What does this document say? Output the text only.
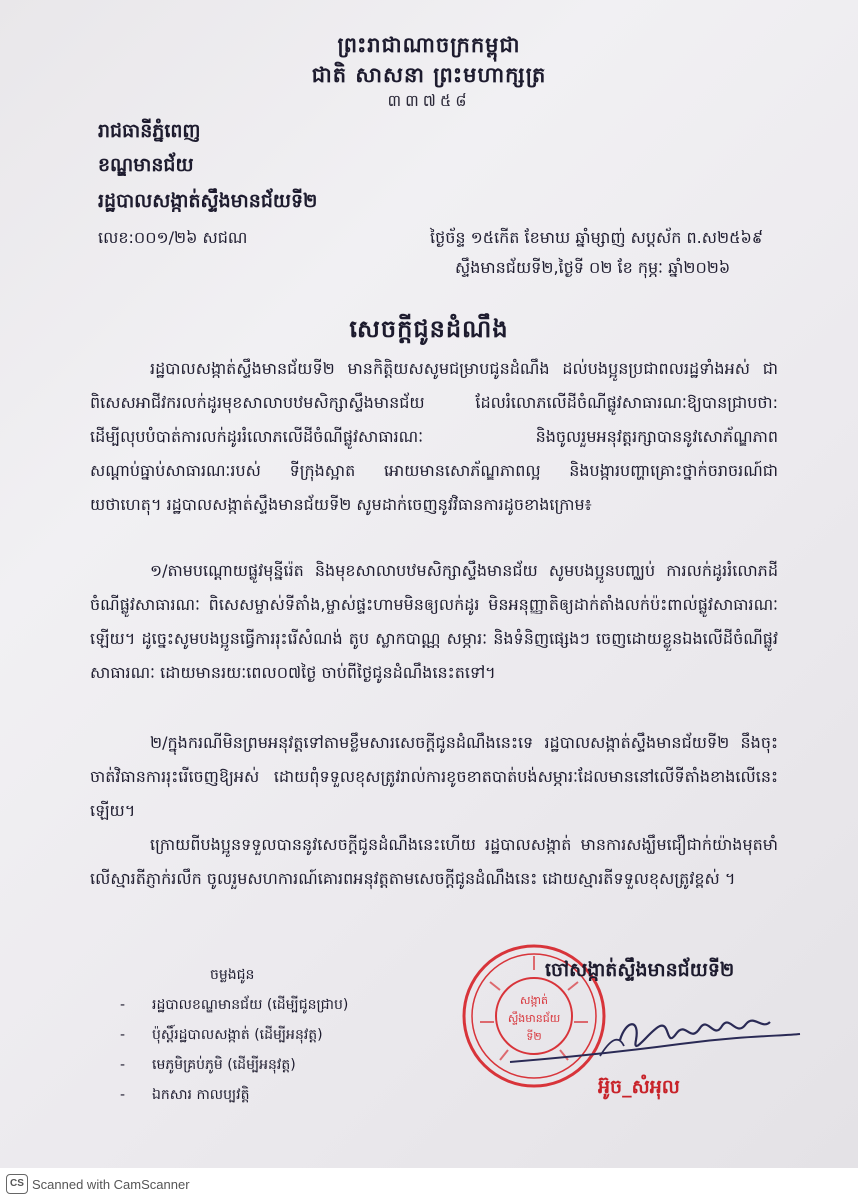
ព្រះរាជាណាចក្រកម្ពុជា
ជាតិ សាសនា ព្រះមហាក្សត្រ
៣៣៧៥៨
រាជធានីភ្នំពេញ
ខណ្ឌមានជ័យ
រដ្ឋបាលសង្កាត់ស្ទឹងមានជ័យទី២
លេខ:០០១/២៦ សជណ	ថ្ងៃច័ន្ទ ១៥កើត ខែមាឃ ឆ្នាំម្សាញ់ សប្តស័ក ព.ស២៥៦៩
ស្ទឹងមានជ័យទី២,ថ្ងៃទី ០២ ខែ កុម្ភៈ ឆ្នាំ២០២៦
សេចក្តីជូនដំណឹង

រដ្ឋបាលសង្កាត់ស្ទឹងមានជ័យទី២ មានកិត្តិយសសូមជម្រាបជូនដំណឹង ដល់បងប្អូនប្រជាពលរដ្ឋទាំងអស់ ជាពិសេសអាជីវករលក់ដូរមុខសាលាបឋមសិក្សាស្ទឹងមានជ័យ ដែលរំលោភលើដីចំណីផ្លូវសាធារណៈឱ្យបានជ្រាបថា: ដើម្បីលុបបំបាត់ការលក់ដូររំលោភលើដីចំណីផ្លូវសាធារណៈ និងចូលរួមអនុវត្តរក្សាបាននូវសោភ័ណ្ឌភាព សណ្តាប់ធ្នាប់សាធារណៈរបស់ ទីក្រុងស្អាត អោយមានសោភ័ណ្ឌភាពល្អ និងបង្ការបញ្ហាគ្រោះថ្នាក់ចរាចរណ៍ជាយថាហេតុ។ រដ្ឋបាលសង្កាត់ស្ទឹងមានជ័យទី២ សូមដាក់ចេញនូវវិធានការដូចខាងក្រោម៖

១/តាមបណ្តោយផ្លូវមុន្នីរ៉េត និងមុខសាលាបឋមសិក្សាស្ទឹងមានជ័យ សូមបងប្អូនបញ្ឈប់ ការលក់ដូររំលោភដីចំណីផ្លូវសាធារណៈ ពិសេសម្ចាស់ទីតាំង,ម្ចាស់ផ្ទះហាមមិនឲ្យលក់ដូរ មិនអនុញ្ញាតិឲ្យដាក់តាំងលក់ប៉ះពាល់ផ្លូវសាធារណៈឡើយ។ ដូច្នេះសូមបងប្អូនធ្វើការរុះរើសំណង់ តូប ស្លាកបាណ្ណ សម្ភារៈ និងទំនិញផ្សេងៗ ចេញដោយខ្លួនឯងលើដីចំណីផ្លូវសាធារណៈ ដោយមានរយៈពេល០៧ថ្ងៃ ចាប់ពីថ្ងៃជូនដំណឹងនេះតទៅ។

២/ក្នុងករណីមិនព្រមអនុវត្តទៅតាមខ្លឹមសារសេចក្តីជូនដំណឹងនេះទេ រដ្ឋបាលសង្កាត់ស្ទឹងមានជ័យទី២ នឹងចុះចាត់វិធានការរុះរើចេញឱ្យអស់ ដោយពុំទទួលខុសត្រូវរាល់ការខូចខាតបាត់បង់សម្ភារៈដែលមាននៅលើទីតាំងខាងលើនេះឡើយ។

ក្រោយពីបងប្អូនទទួលបាននូវសេចក្តីជូនដំណឹងនេះហើយ រដ្ឋបាលសង្កាត់ មានការសង្ឃឹមជឿជាក់យ៉ាងមុតមាំ លើស្មារតីភ្ញាក់រលឹក ចូលរួមសហការណ៍គោរពអនុវត្តតាមសេចក្តីជូនដំណឹងនេះ ដោយស្មារតីទទួលខុសត្រូវខ្ពស់ ។

ចម្លងជូន
-	រដ្ឋបាលខណ្ឌមានជ័យ (ដើម្បីជូនជ្រាប)
-	ប៉ុស្តិ៍រដ្ឋបាលសង្កាត់ (ដើម្បីអនុវត្ត)
-	មេភូមិគ្រប់ភូមិ (ដើម្បីអនុវត្ត)
-	ឯកសារ កាលប្បវត្តិ
សង្កាត់
ស្ទឹងមានជ័យ
ទី២
ចៅសង្កាត់ស្ទឹងមានជ័យទី២
អ៊ូច_សំអុល
CS Scanned with CamScanner
